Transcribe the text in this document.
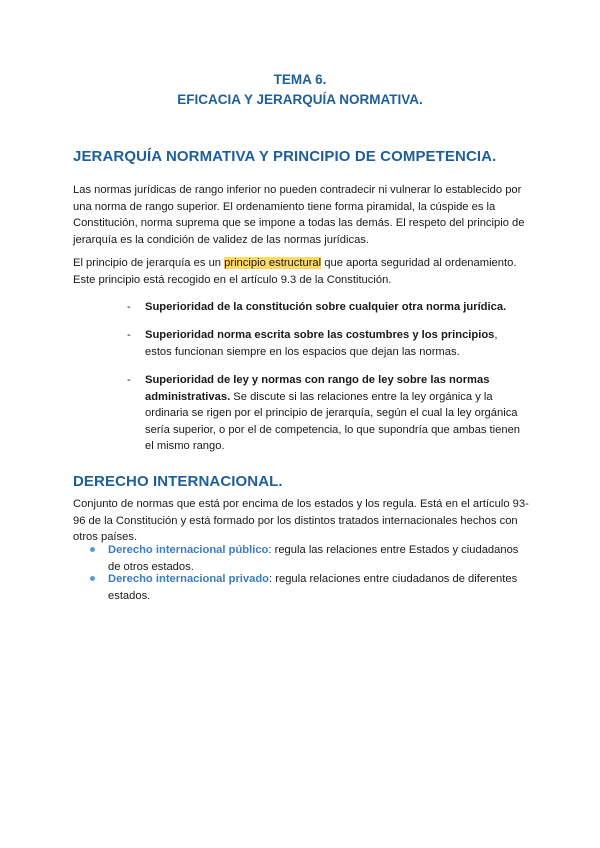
TEMA 6.
EFICACIA Y JERARQUÍA NORMATIVA.
JERARQUÍA NORMATIVA Y PRINCIPIO DE COMPETENCIA.
Las normas jurídicas de rango inferior no pueden contradecir ni vulnerar lo establecido por una norma de rango superior. El ordenamiento tiene forma piramidal, la cúspide es la Constitución, norma suprema que se impone a todas las demás. El respeto del principio de jerarquía es la condición de validez de las normas jurídicas.
El principio de jerarquía es un principio estructural que aporta seguridad al ordenamiento. Este principio está recogido en el artículo 9.3 de la Constitución.
- Superioridad de la constitución sobre cualquier otra norma jurídica.
- Superioridad norma escrita sobre las costumbres y los principios, estos funcionan siempre en los espacios que dejan las normas.
- Superioridad de ley y normas con rango de ley sobre las normas administrativas. Se discute si las relaciones entre la ley orgánica y la ordinaria se rigen por el principio de jerarquía, según el cual la ley orgánica sería superior, o por el de competencia, lo que supondría que ambas tienen el mismo rango.
DERECHO INTERNACIONAL.
Conjunto de normas que está por encima de los estados y los regula. Está en el artículo 93-96 de la Constitución y está formado por los distintos tratados internacionales hechos con otros países.
Derecho internacional público: regula las relaciones entre Estados y ciudadanos de otros estados.
Derecho internacional privado: regula relaciones entre ciudadanos de diferentes estados.
